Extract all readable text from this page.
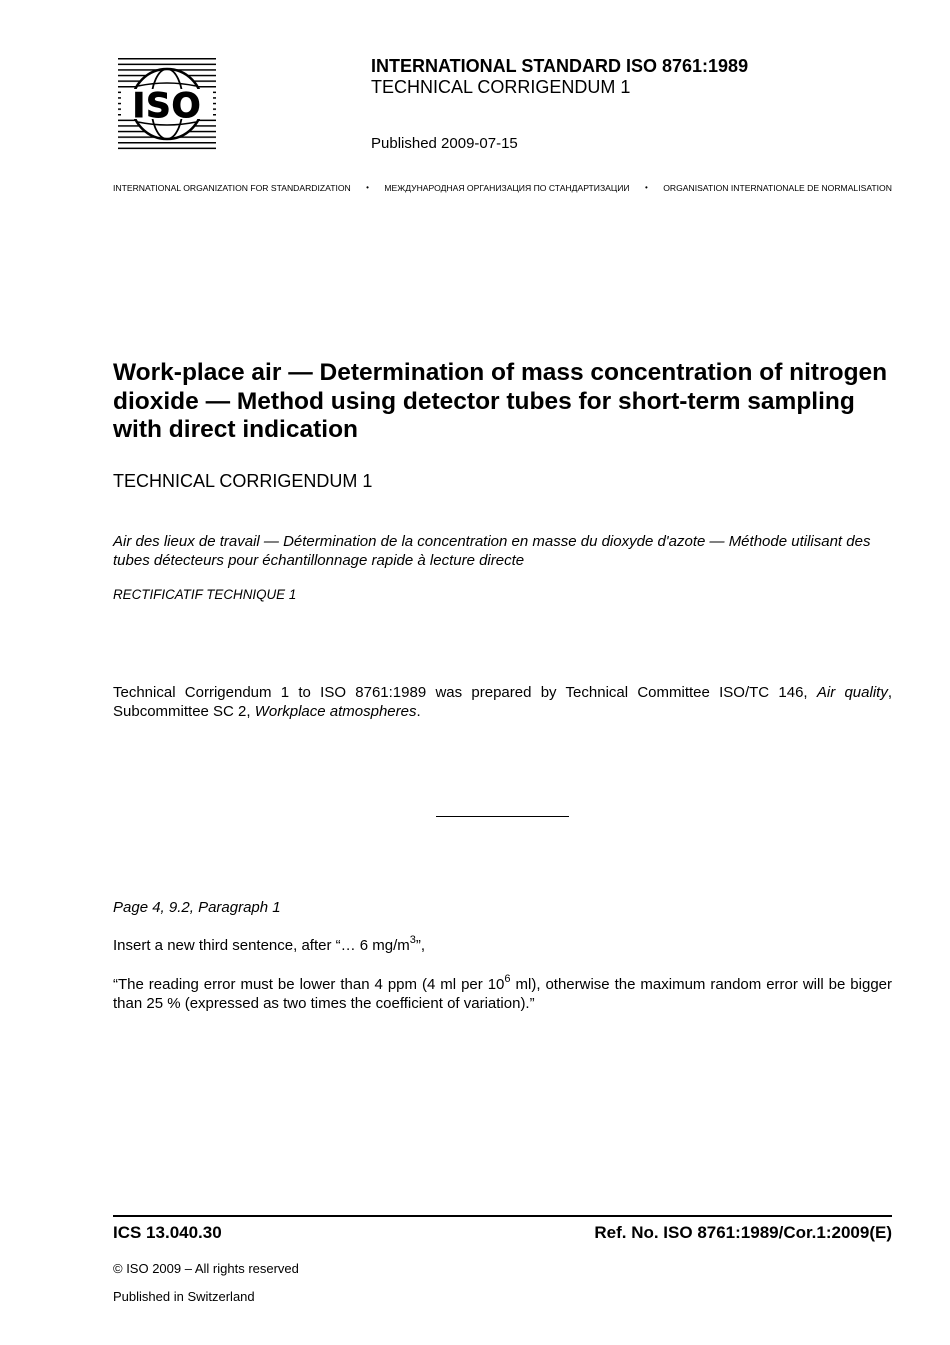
ISO
INTERNATIONAL STANDARD ISO 8761:1989
TECHNICAL CORRIGENDUM 1
Published 2009-07-15
INTERNATIONAL ORGANIZATION FOR STANDARDIZATION • МЕЖДУНАРОДНАЯ ОРГАНИЗАЦИЯ ПО СТАНДАРТИЗАЦИИ • ORGANISATION INTERNATIONALE DE NORMALISATION
Work-place air — Determination of mass concentration of nitrogen dioxide — Method using detector tubes for short-term sampling with direct indication
TECHNICAL CORRIGENDUM 1
Air des lieux de travail — Détermination de la concentration en masse du dioxyde d'azote — Méthode utilisant des tubes détecteurs pour échantillonnage rapide à lecture directe
RECTIFICATIF TECHNIQUE 1
Technical Corrigendum 1 to ISO 8761:1989 was prepared by Technical Committee ISO/TC 146, Air quality, Subcommittee SC 2, Workplace atmospheres.
Page 4, 9.2, Paragraph 1
Insert a new third sentence, after “… 6 $mg/m^3$”,
“The reading error must be lower than 4 ppm (4 ml per $10^6$ ml), otherwise the maximum random error will be bigger than 25 % (expressed as two times the coefficient of variation).”
ICS 13.040.30	Ref. No. ISO 8761:1989/Cor.1:2009(E)
© ISO 2009 – All rights reserved
Published in Switzerland
